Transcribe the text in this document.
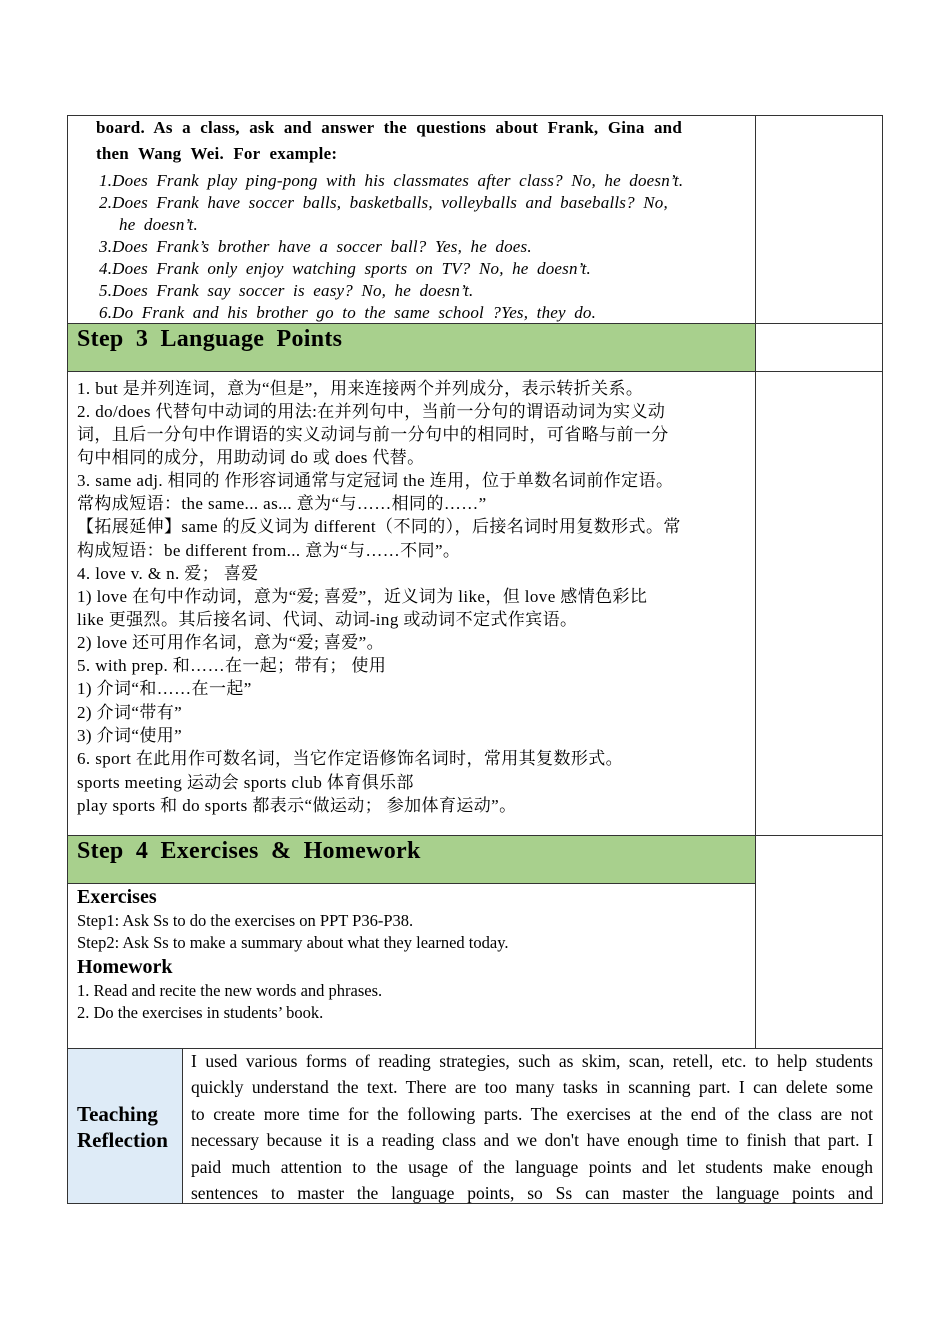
board. As a class, ask and answer the questions about Frank, Gina and
then Wang Wei. For example:
1.Does Frank play ping-pong with his classmates after class? No, he doesn’t.
2.Does Frank have soccer balls, basketballs, volleyballs and baseballs? No,
he doesn’t.
3.Does Frank’s brother have a soccer ball? Yes, he does.
4.Does Frank only enjoy watching sports on TV? No, he doesn’t.
5.Does Frank say soccer is easy? No, he doesn’t.
6.Do Frank and his brother go to the same school ?Yes, they do.
Step 3 Language Points
1. but 是并列连词，意为“但是”，用来连接两个并列成分，表示转折关系。
2. do/does 代替句中动词的用法:在并列句中，当前一分句的谓语动词为实义动
词，且后一分句中作谓语的实义动词与前一分句中的相同时，可省略与前一分
句中相同的成分，用助动词 do 或 does 代替。
3. same adj. 相同的 作形容词通常与定冠词 the 连用，位于单数名词前作定语。
常构成短语：the same... as... 意为“与……相同的……”
【拓展延伸】same 的反义词为 different（不同的），后接名词时用复数形式。常
构成短语：be different from... 意为“与……不同”。
4. love v. & n. 爱； 喜爱
1) love 在句中作动词，意为“爱; 喜爱”，近义词为 like，但 love 感情色彩比
like 更强烈。其后接名词、代词、动词-ing 或动词不定式作宾语。
2) love 还可用作名词，意为“爱; 喜爱”。
5. with prep. 和……在一起；带有； 使用
1) 介词“和……在一起”
2) 介词“带有”
3) 介词“使用”
6. sport 在此用作可数名词，当它作定语修饰名词时，常用其复数形式。
sports meeting 运动会 sports club 体育俱乐部
play sports 和 do sports 都表示“做运动； 参加体育运动”。
Step 4 Exercises & Homework
Exercises
Step1: Ask Ss to do the exercises on PPT P36-P38.
Step2: Ask Ss to make a summary about what they learned today.
Homework
1. Read and recite the new words and phrases.
2. Do the exercises in students’ book.
Teaching
Reflection
I used various forms of reading strategies, such as skim, scan, retell, etc. to help students
quickly understand the text. There are too many tasks in scanning part. I can delete some
to create more time for the following parts. The exercises at the end of the class are not
necessary because it is a reading class and we don't have enough time to finish that part. I
paid much attention to the usage of the language points and let students make enough
sentences to master the language points, so Ss can master the language points and
